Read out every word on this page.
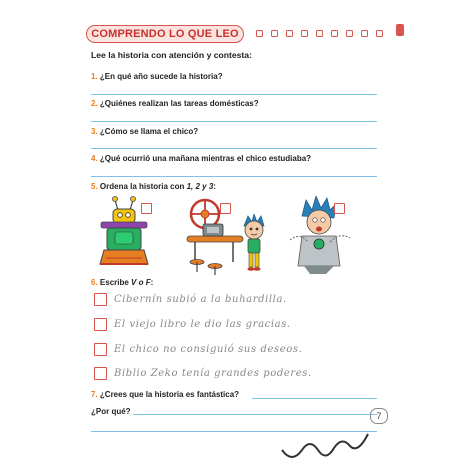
COMPRENDO LO QUE LEO
Lee la historia con atención y contesta:
1. ¿En qué año sucede la historia?
2. ¿Quiénes realizan las tareas domésticas?
3. ¿Cómo se llama el chico?
4. ¿Qué ocurrió una mañana mientras el chico estudiaba?
5. Ordena la historia con 1, 2 y 3:
6. Escribe V o F:
Cibernín subió a la buhardilla.
El viejo libro le dio las gracias.
El chico no consiguió sus deseos.
Biblio Zeko tenía grandes poderes.
7. ¿Crees que la historia es fantástica?
¿Por qué?	7
